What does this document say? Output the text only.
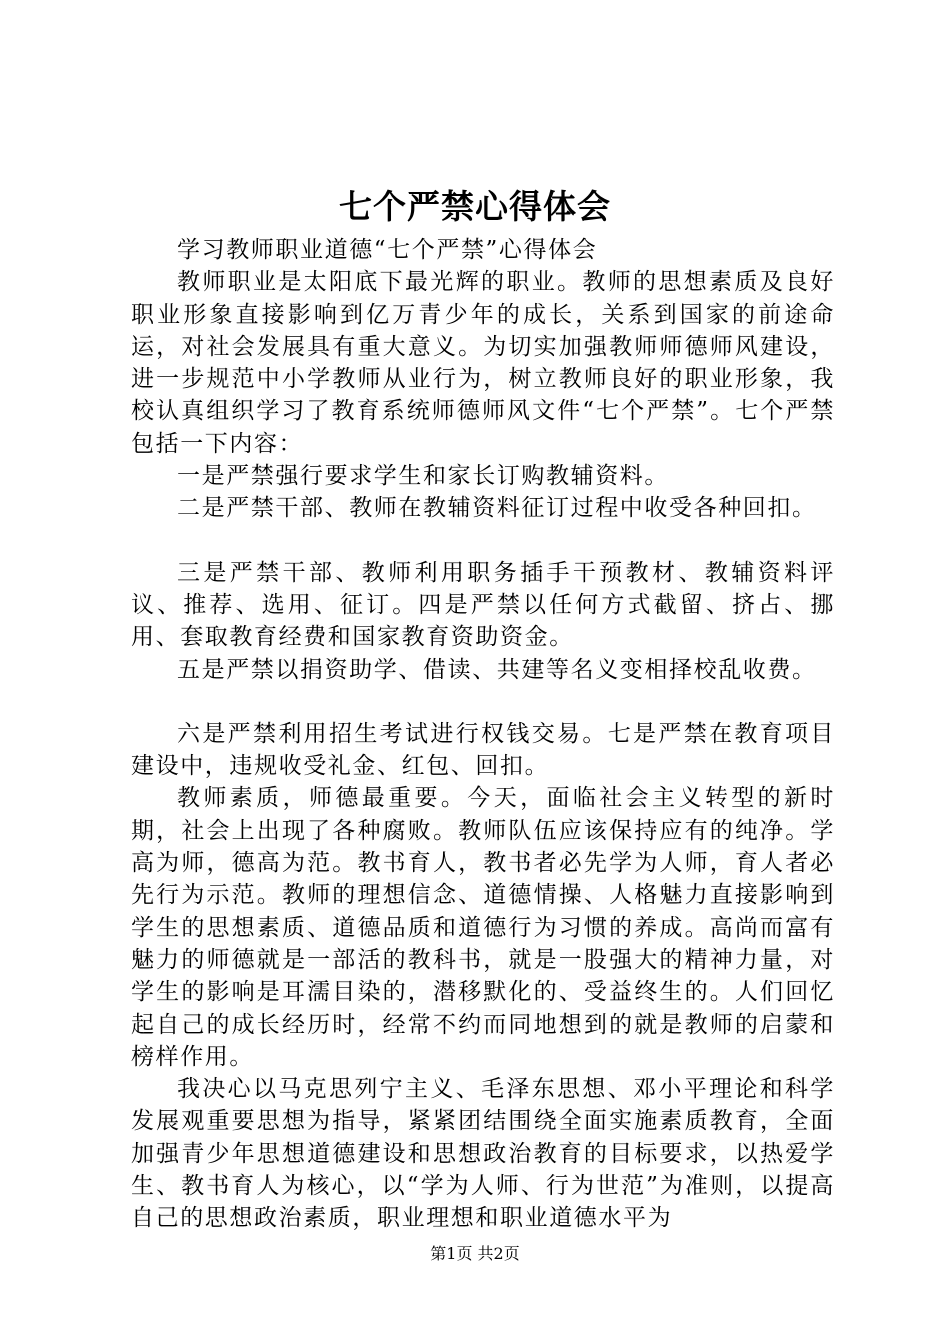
七个严禁心得体会

学习教师职业道德“七个严禁”心得体会

教师职业是太阳底下最光辉的职业。教师的思想素质及良好职业形象直接影响到亿万青少年的成长，关系到国家的前途命运，对社会发展具有重大意义。为切实加强教师师德师风建设，进一步规范中小学教师从业行为，树立教师良好的职业形象，我校认真组织学习了教育系统师德师风文件“七个严禁”。七个严禁包括一下内容：

一是严禁强行要求学生和家长订购教辅资料。

二是严禁干部、教师在教辅资料征订过程中收受各种回扣。

三是严禁干部、教师利用职务插手干预教材、教辅资料评议、推荐、选用、征订。四是严禁以任何方式截留、挤占、挪用、套取教育经费和国家教育资助资金。

五是严禁以捐资助学、借读、共建等名义变相择校乱收费。

六是严禁利用招生考试进行权钱交易。七是严禁在教育项目建设中，违规收受礼金、红包、回扣。

教师素质，师德最重要。今天，面临社会主义转型的新时期，社会上出现了各种腐败。教师队伍应该保持应有的纯净。学高为师，德高为范。教书育人，教书者必先学为人师，育人者必先行为示范。教师的理想信念、道德情操、人格魅力直接影响到学生的思想素质、道德品质和道德行为习惯的养成。高尚而富有魅力的师德就是一部活的教科书，就是一股强大的精神力量，对学生的影响是耳濡目染的，潜移默化的、受益终生的。人们回忆起自己的成长经历时，经常不约而同地想到的就是教师的启蒙和榜样作用。

我决心以马克思列宁主义、毛泽东思想、邓小平理论和科学发展观重要思想为指导，紧紧团结围绕全面实施素质教育，全面加强青少年思想道德建设和思想政治教育的目标要求，以热爱学生、教书育人为核心，以“学为人师、行为世范”为准则，以提高自己的思想政治素质，职业理想和职业道德水平为

第1页 共2页
